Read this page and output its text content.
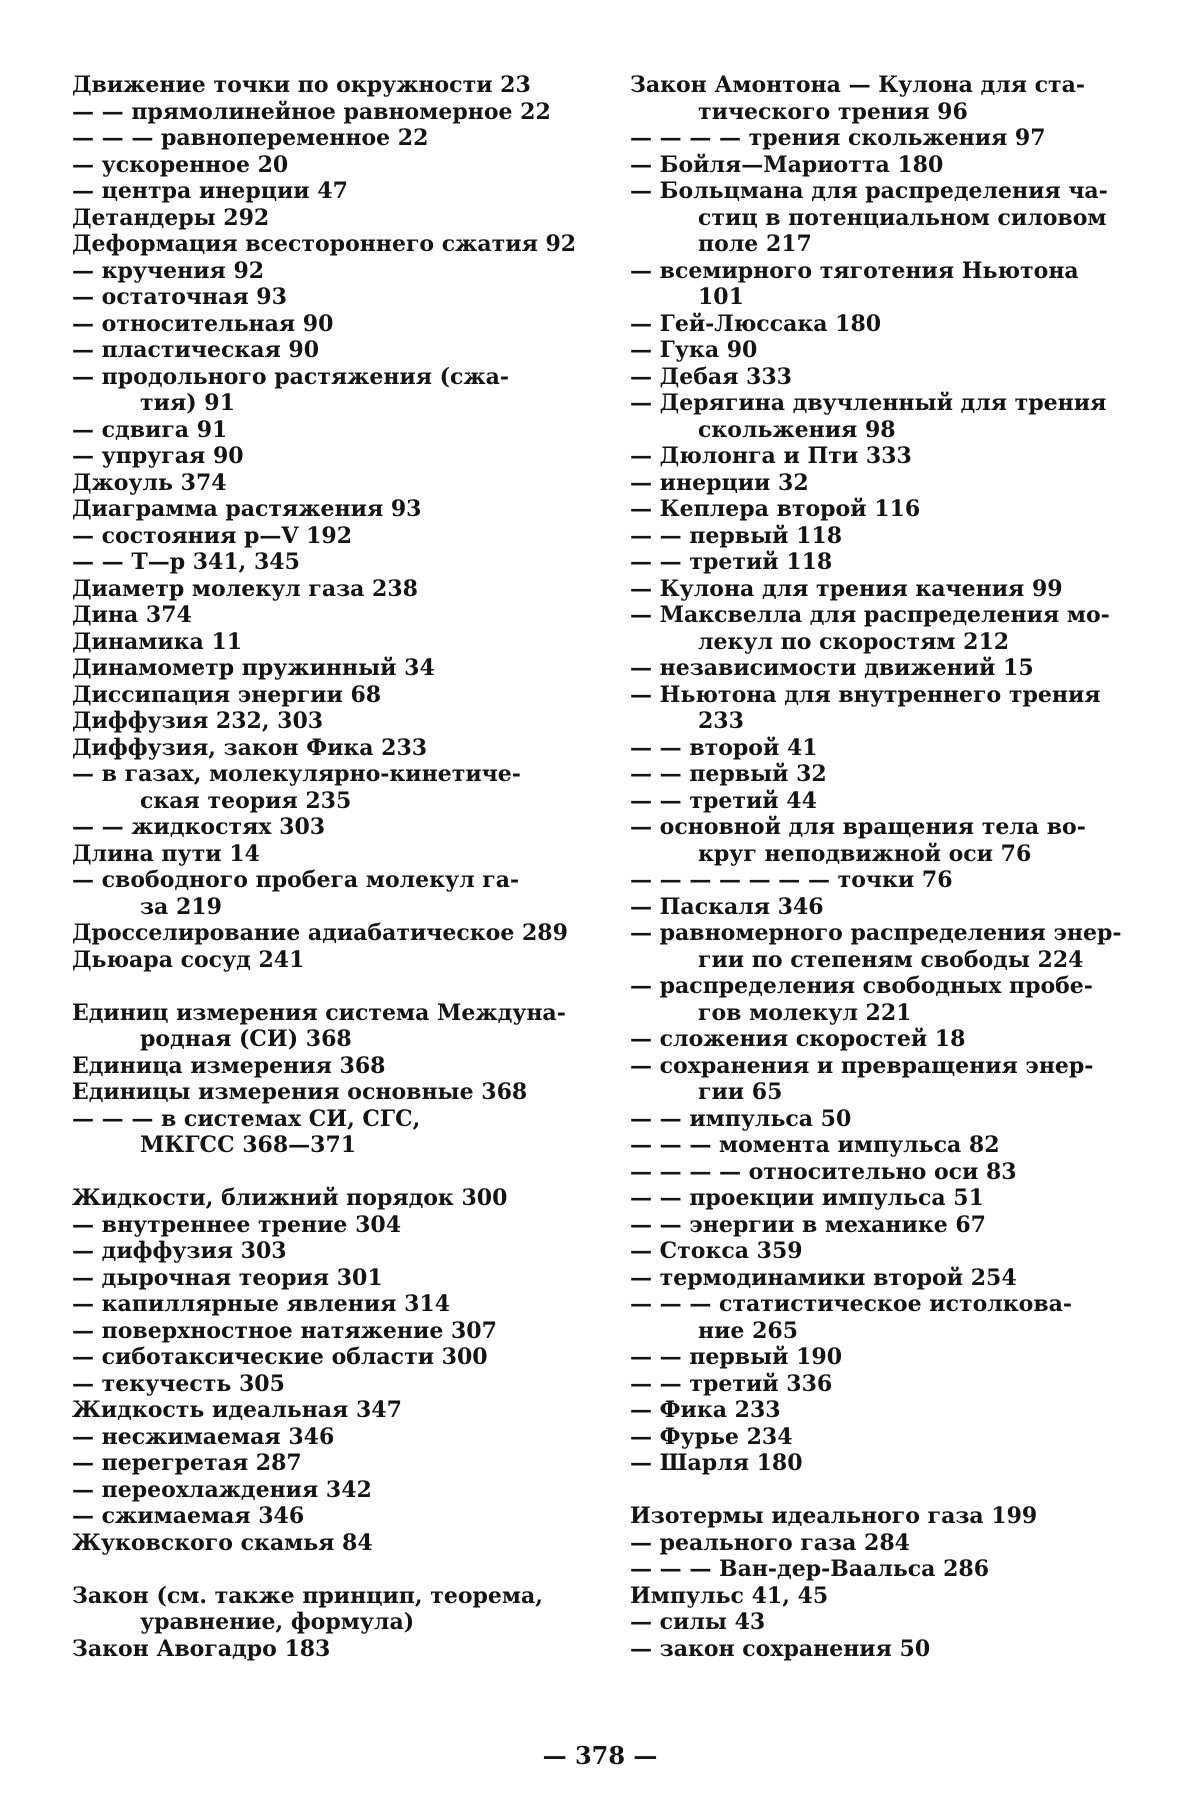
Движение точки по окружности 23
— — прямолинейное равномерное 22
— — — равнопеременное 22
— ускоренное 20
— центра инерции 47
Детандеры 292
Деформация всестороннего сжатия 92
— кручения 92
— остаточная 93
— относительная 90
— пластическая 90
— продольного растяжения (сжа-
тия) 91
— сдвига 91
— упругая 90
Джоуль 374
Диаграмма растяжения 93
— состояния p—V 192
— — T—p 341, 345
Диаметр молекул газа 238
Дина 374
Динамика 11
Динамометр пружинный 34
Диссипация энергии 68
Диффузия 232, 303
Диффузия, закон Фика 233
— в газах, молекулярно-кинетиче-
ская теория 235
— — жидкостях 303
Длина пути 14
— свободного пробега молекул га-
за 219
Дросселирование адиабатическое 289
Дьюара сосуд 241
Единиц измерения система Междуна-
родная (СИ) 368
Единица измерения 368
Единицы измерения основные 368
— — — в системах СИ, СГС,
МКГСС 368—371
Жидкости, ближний порядок 300
— внутреннее трение 304
— диффузия 303
— дырочная теория 301
— капиллярные явления 314
— поверхностное натяжение 307
— сиботаксические области 300
— текучесть 305
Жидкость идеальная 347
— несжимаемая 346
— перегретая 287
— переохлаждения 342
— сжимаемая 346
Жуковского скамья 84
Закон (см. также принцип, теорема,
уравнение, формула)
Закон Авогадро 183
Закон Амонтона — Кулона для ста-
тического трения 96
— — — — трения скольжения 97
— Бойля—Мариотта 180
— Больцмана для распределения ча-
стиц в потенциальном силовом
поле 217
— всемирного тяготения Ньютона
101
— Гей-Люссака 180
— Гука 90
— Дебая 333
— Дерягина двучленный для трения
скольжения 98
— Дюлонга и Пти 333
— инерции 32
— Кеплера второй 116
— — первый 118
— — третий 118
— Кулона для трения качения 99
— Максвелла для распределения мо-
лекул по скоростям 212
— независимости движений 15
— Ньютона для внутреннего трения
233
— — второй 41
— — первый 32
— — третий 44
— основной для вращения тела во-
круг неподвижной оси 76
— — — — — — — точки 76
— Паскаля 346
— равномерного распределения энер-
гии по степеням свободы 224
— распределения свободных пробе-
гов молекул 221
— сложения скоростей 18
— сохранения и превращения энер-
гии 65
— — импульса 50
— — — момента импульса 82
— — — — относительно оси 83
— — проекции импульса 51
— — энергии в механике 67
— Стокса 359
— термодинамики второй 254
— — — статистическое истолкова-
ние 265
— — первый 190
— — третий 336
— Фика 233
— Фурье 234
— Шарля 180
Изотермы идеального газа 199
— реального газа 284
— — — Ван-дер-Ваальса 286
Импульс 41, 45
— силы 43
— закон сохранения 50
— 378 —
